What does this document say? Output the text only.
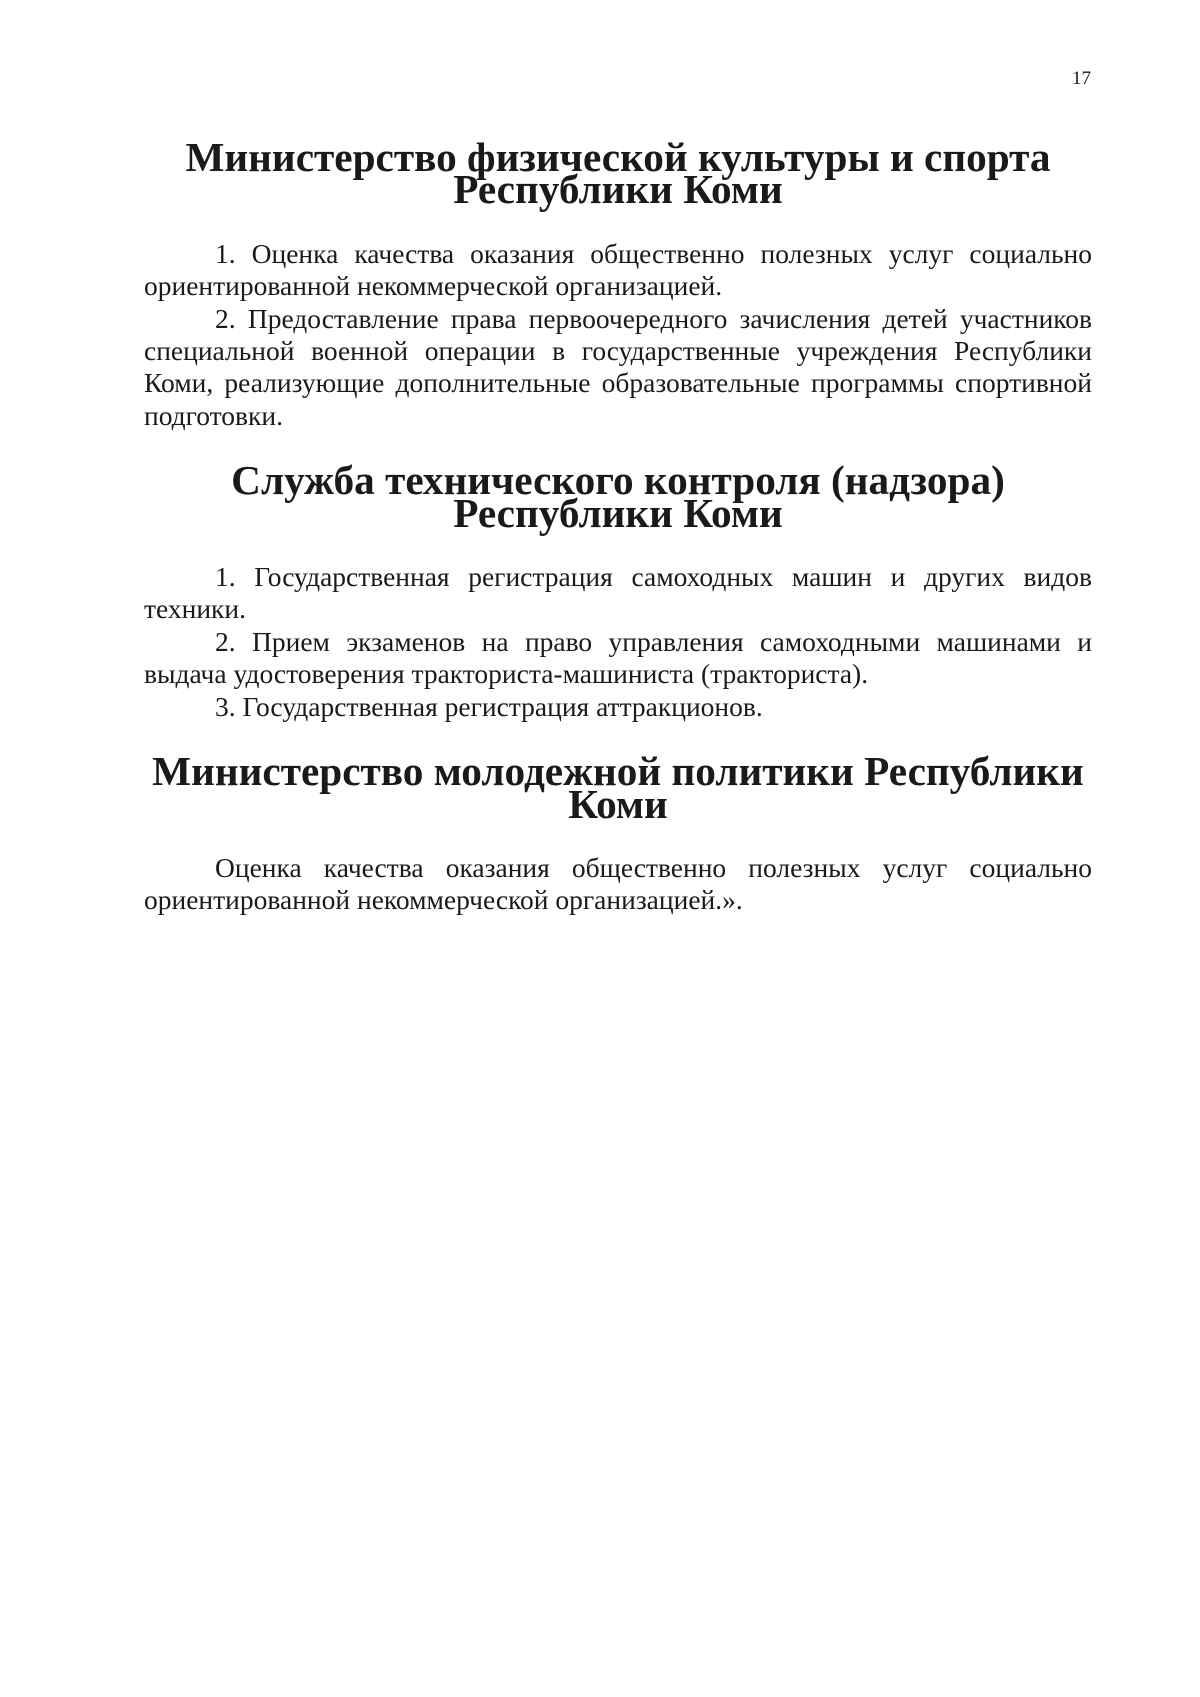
17
Министерство физической культуры и спорта
Республики Коми

1. Оценка качества оказания общественно полезных услуг социально ориентированной некоммерческой организацией.

2. Предоставление права первоочередного зачисления детей участников специальной военной операции в государственные учреждения Республики Коми, реализующие дополнительные образовательные программы спортивной подготовки.

Служба технического контроля (надзора)
Республики Коми

1. Государственная регистрация самоходных машин и других видов техники.

2. Прием экзаменов на право управления самоходными машинами и выдача удостоверения тракториста-машиниста (тракториста).

3. Государственная регистрация аттракционов.

Министерство молодежной политики Республики Коми

Оценка качества оказания общественно полезных услуг социально ориентированной некоммерческой организацией.».
